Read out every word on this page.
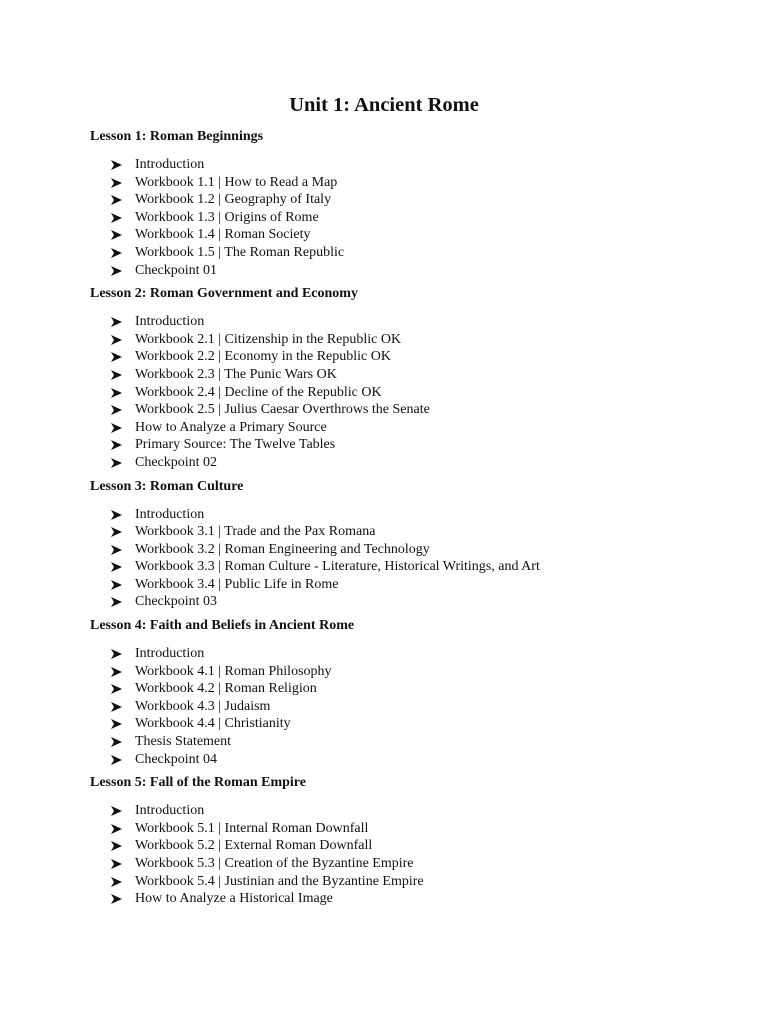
Unit 1: Ancient Rome
Lesson 1: Roman Beginnings
Introduction
Workbook 1.1 | How to Read a Map
Workbook 1.2 | Geography of Italy
Workbook 1.3 | Origins of Rome
Workbook 1.4 | Roman Society
Workbook 1.5 | The Roman Republic
Checkpoint 01
Lesson 2: Roman Government and Economy
Introduction
Workbook 2.1 | Citizenship in the Republic OK
Workbook 2.2 | Economy in the Republic OK
Workbook 2.3 | The Punic Wars OK
Workbook 2.4 | Decline of the Republic OK
Workbook 2.5 | Julius Caesar Overthrows the Senate
How to Analyze a Primary Source
Primary Source: The Twelve Tables
Checkpoint 02
Lesson 3: Roman Culture
Introduction
Workbook 3.1 | Trade and the Pax Romana
Workbook 3.2 | Roman Engineering and Technology
Workbook 3.3 | Roman Culture - Literature, Historical Writings, and Art
Workbook 3.4 | Public Life in Rome
Checkpoint 03
Lesson 4: Faith and Beliefs in Ancient Rome
Introduction
Workbook 4.1 | Roman Philosophy
Workbook 4.2 | Roman Religion
Workbook 4.3 | Judaism
Workbook 4.4 | Christianity
Thesis Statement
Checkpoint 04
Lesson 5: Fall of the Roman Empire
Introduction
Workbook 5.1 | Internal Roman Downfall
Workbook 5.2 | External Roman Downfall
Workbook 5.3 | Creation of the Byzantine Empire
Workbook 5.4 | Justinian and the Byzantine Empire
How to Analyze a Historical Image
